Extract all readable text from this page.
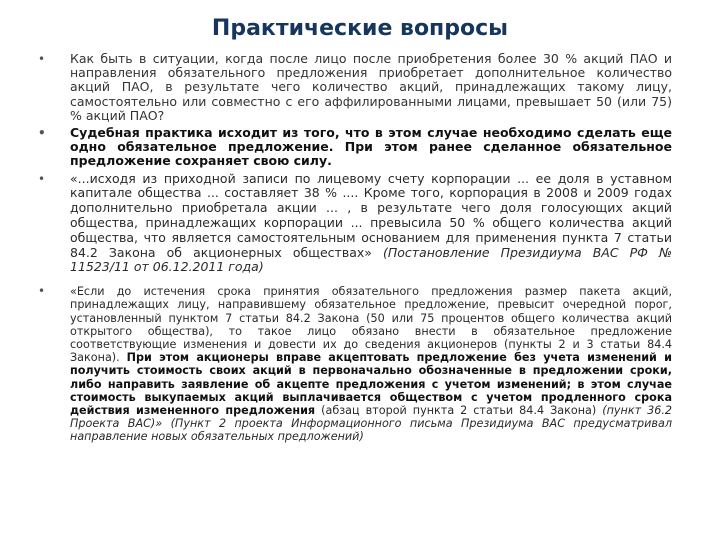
Практические вопросы
• Как быть в ситуации, когда после лицо после приобретения более 30 % акций ПАО и направления обязательного предложения приобретает дополнительное количество акций ПАО, в результате чего количество акций, принадлежащих такому лицу, самостоятельно или совместно с его аффилированными лицами, превышает 50 (или 75) % акций ПАО?
• Судебная практика исходит из того, что в этом случае необходимо сделать еще одно обязательное предложение. При этом ранее сделанное обязательное предложение сохраняет свою силу.
• «...исходя из приходной записи по лицевому счету корпорации ... ее доля в уставном капитале общества ... составляет 38 % .... Кроме того, корпорация в 2008 и 2009 годах дополнительно приобретала акции ... , в результате чего доля голосующих акций общества, принадлежащих корпорации ... превысила 50 % общего количества акций общества, что является самостоятельным основанием для применения пункта 7 статьи 84.2 Закона об акционерных обществах» (Постановление Президиума ВАС РФ № 11523/11 от 06.12.2011 года)
• «Если до истечения срока принятия обязательного предложения размер пакета акций, принадлежащих лицу, направившему обязательное предложение, превысит очередной порог, установленный пунктом 7 статьи 84.2 Закона (50 или 75 процентов общего количества акций открытого общества), то такое лицо обязано внести в обязательное предложение соответствующие изменения и довести их до сведения акционеров (пункты 2 и 3 статьи 84.4 Закона). При этом акционеры вправе акцептовать предложение без учета изменений и получить стоимость своих акций в первоначально обозначенные в предложении сроки, либо направить заявление об акцепте предложения с учетом изменений; в этом случае стоимость выкупаемых акций выплачивается обществом с учетом продленного срока действия измененного предложения (абзац второй пункта 2 статьи 84.4 Закона) (пункт 36.2 Проекта ВАС)» (Пункт 2 проекта Информационного письма Президиума ВАС предусматривал направление новых обязательных предложений)
